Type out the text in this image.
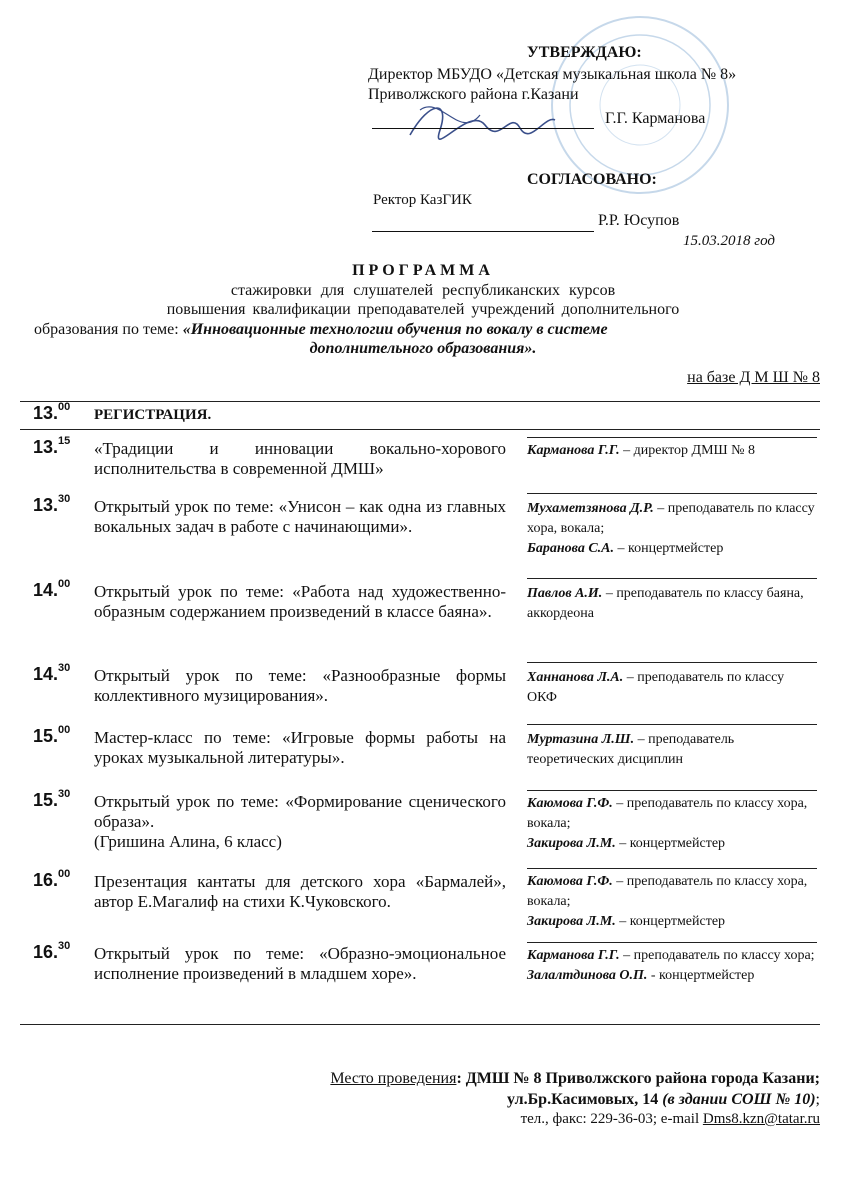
УТВЕРЖДАЮ:
Директор МБУДО «Детская музыкальная школа № 8»
Приволжского района г.Казани
Г.Г. Карманова
СОГЛАСОВАНО:
Ректор КазГИК
Р.Р. Юсупов
15.03.2018 год
ПРОГРАММА
стажировки для слушателей республиканских курсов
повышения квалификации преподавателей учреждений дополнительного
образования по теме: «Инновационные технологии обучения по вокалу в системе
дополнительного образования».
на базе Д М Ш № 8
13.00 РЕГИСТРАЦИЯ.
13.15 «Традиции и инновации вокально-хорового исполнительства в современной ДМШ»
Карманова Г.Г. – директор ДМШ № 8
13.30 Открытый урок по теме: «Унисон – как одна из главных вокальных задач в работе с начинающими».
Мухаметзянова Д.Р. – преподаватель по классу хора, вокала;
Баранова С.А. – концертмейстер
14.00 Открытый урок по теме: «Работа над художественно-образным содержанием произведений в классе баяна».
Павлов А.И. – преподаватель по классу баяна, аккордеона
14.30 Открытый урок по теме: «Разнообразные формы коллективного музицирования».
Ханнанова Л.А. – преподаватель по классу ОКФ
15.00 Мастер-класс по теме: «Игровые формы работы на уроках музыкальной литературы».
Муртазина Л.Ш. – преподаватель теоретических дисциплин
15.30 Открытый урок по теме: «Формирование сценического образа».
(Гришина Алина, 6 класс)
Каюмова Г.Ф. – преподаватель по классу хора, вокала;
Закирова Л.М. – концертмейстер
16.00 Презентация кантаты для детского хора «Бармалей», автор Е.Магалиф на стихи К.Чуковского.
Каюмова Г.Ф. – преподаватель по классу хора, вокала;
Закирова Л.М. – концертмейстер
16.30 Открытый урок по теме: «Образно-эмоциональное исполнение произведений в младшем хоре».
Карманова Г.Г. – преподаватель по классу хора;
Залалтдинова О.П. - концертмейстер
Место проведения: ДМШ № 8 Приволжского района города Казани;
ул.Бр.Касимовых, 14 (в здании СОШ № 10);
тел., факс: 229-36-03; e-mail Dms8.kzn@tatar.ru
